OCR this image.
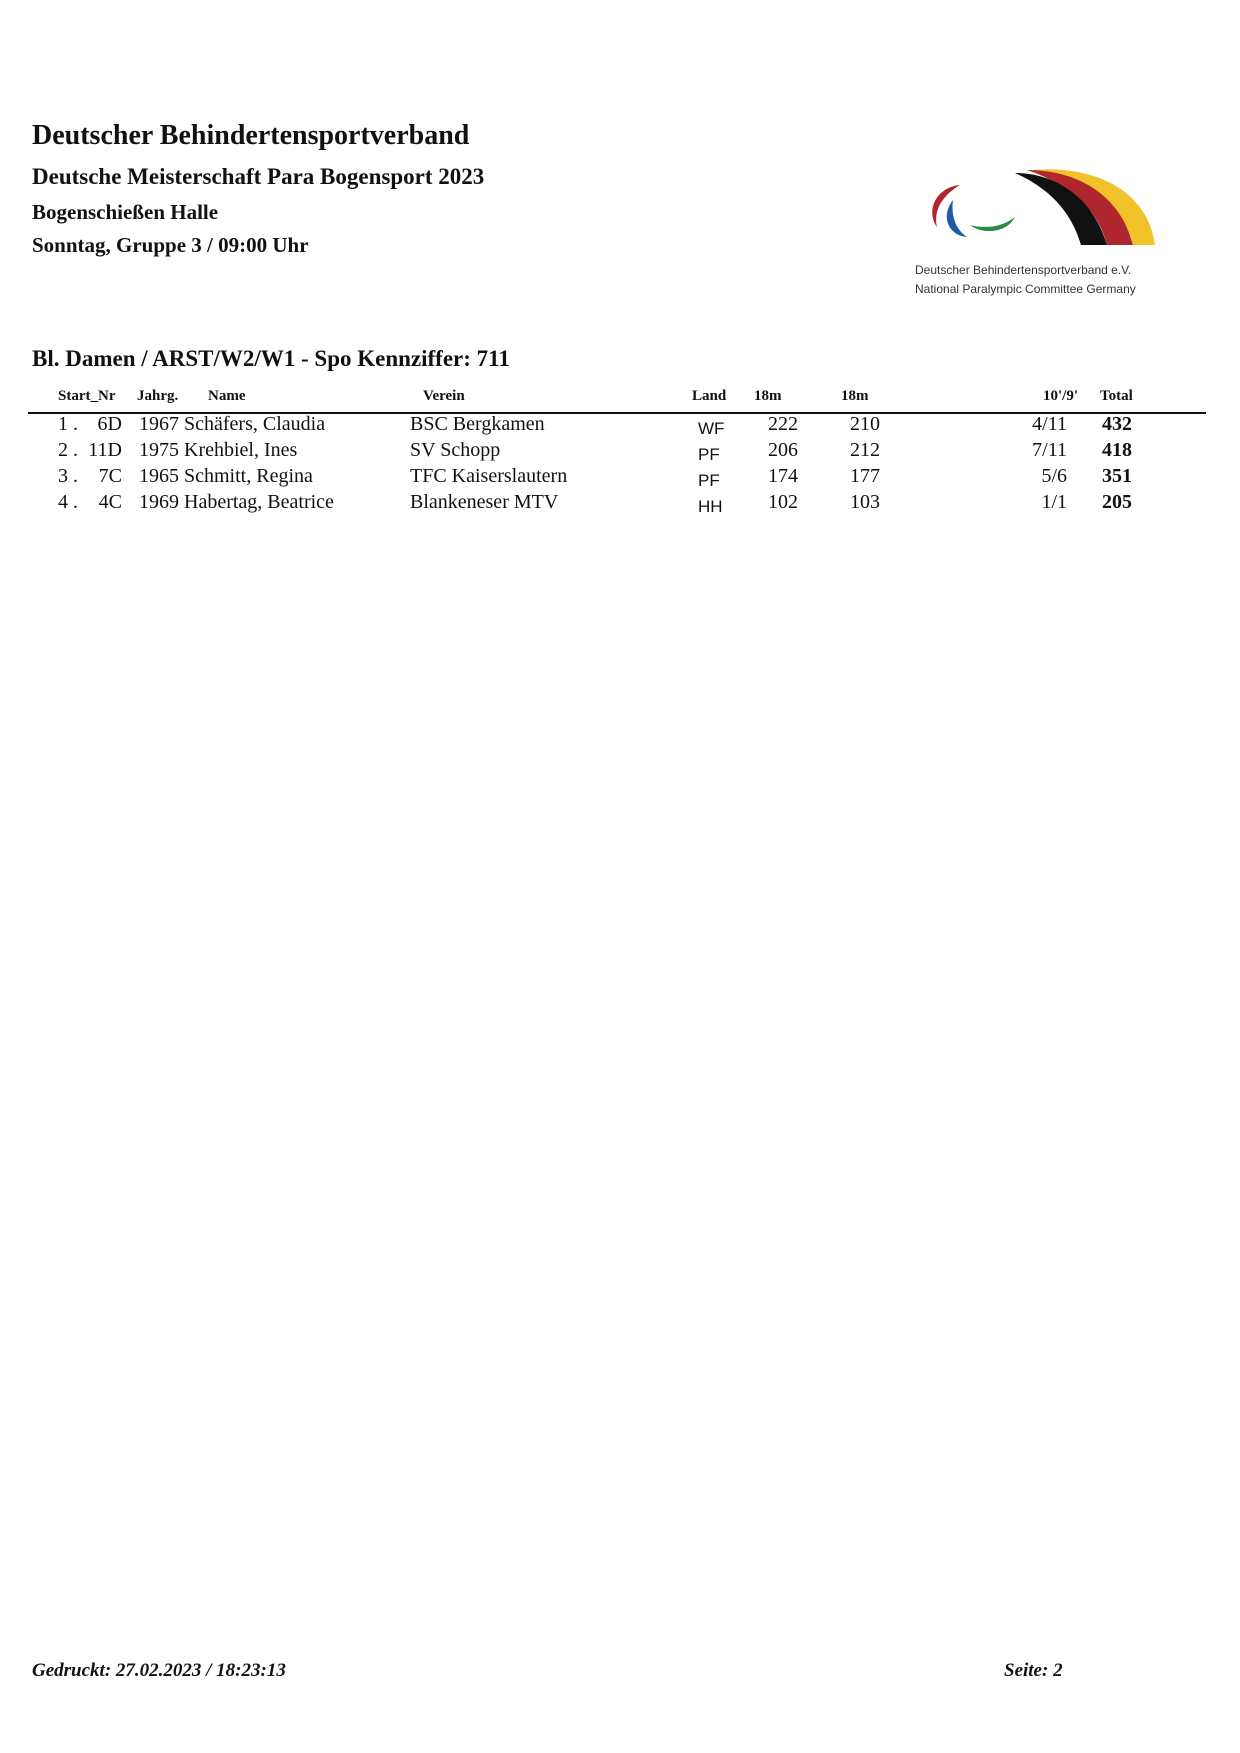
Deutscher Behindertensportverband
Deutsche Meisterschaft Para Bogensport 2023
Bogenschießen Halle
Sonntag, Gruppe 3 / 09:00 Uhr
Deutscher Behindertensportverband e.V.
National Paralympic Committee Germany
Bl. Damen / ARST/W2/W1 - Spo Kennziffer: 711
Start_Nr Jahrg. Name	Verein	Land 18m	18m	10'/9' Total
1 . 6D 1967 Schäfers, Claudia	BSC Bergkamen	WF 222	210	4/11 432
2 . 11D 1975 Krehbiel, Ines	SV Schopp	PF 206	212	7/11 418
3 .	7C 1965 Schmitt, Regina	TFC Kaiserslautern	PF 174	177	5/6 351
4 .	4C 1969 Habertag, Beatrice	Blankeneser MTV	HH 102	103	1/1 205
Gedruckt: 27.02.2023 / 18:23:13	Seite: 2
